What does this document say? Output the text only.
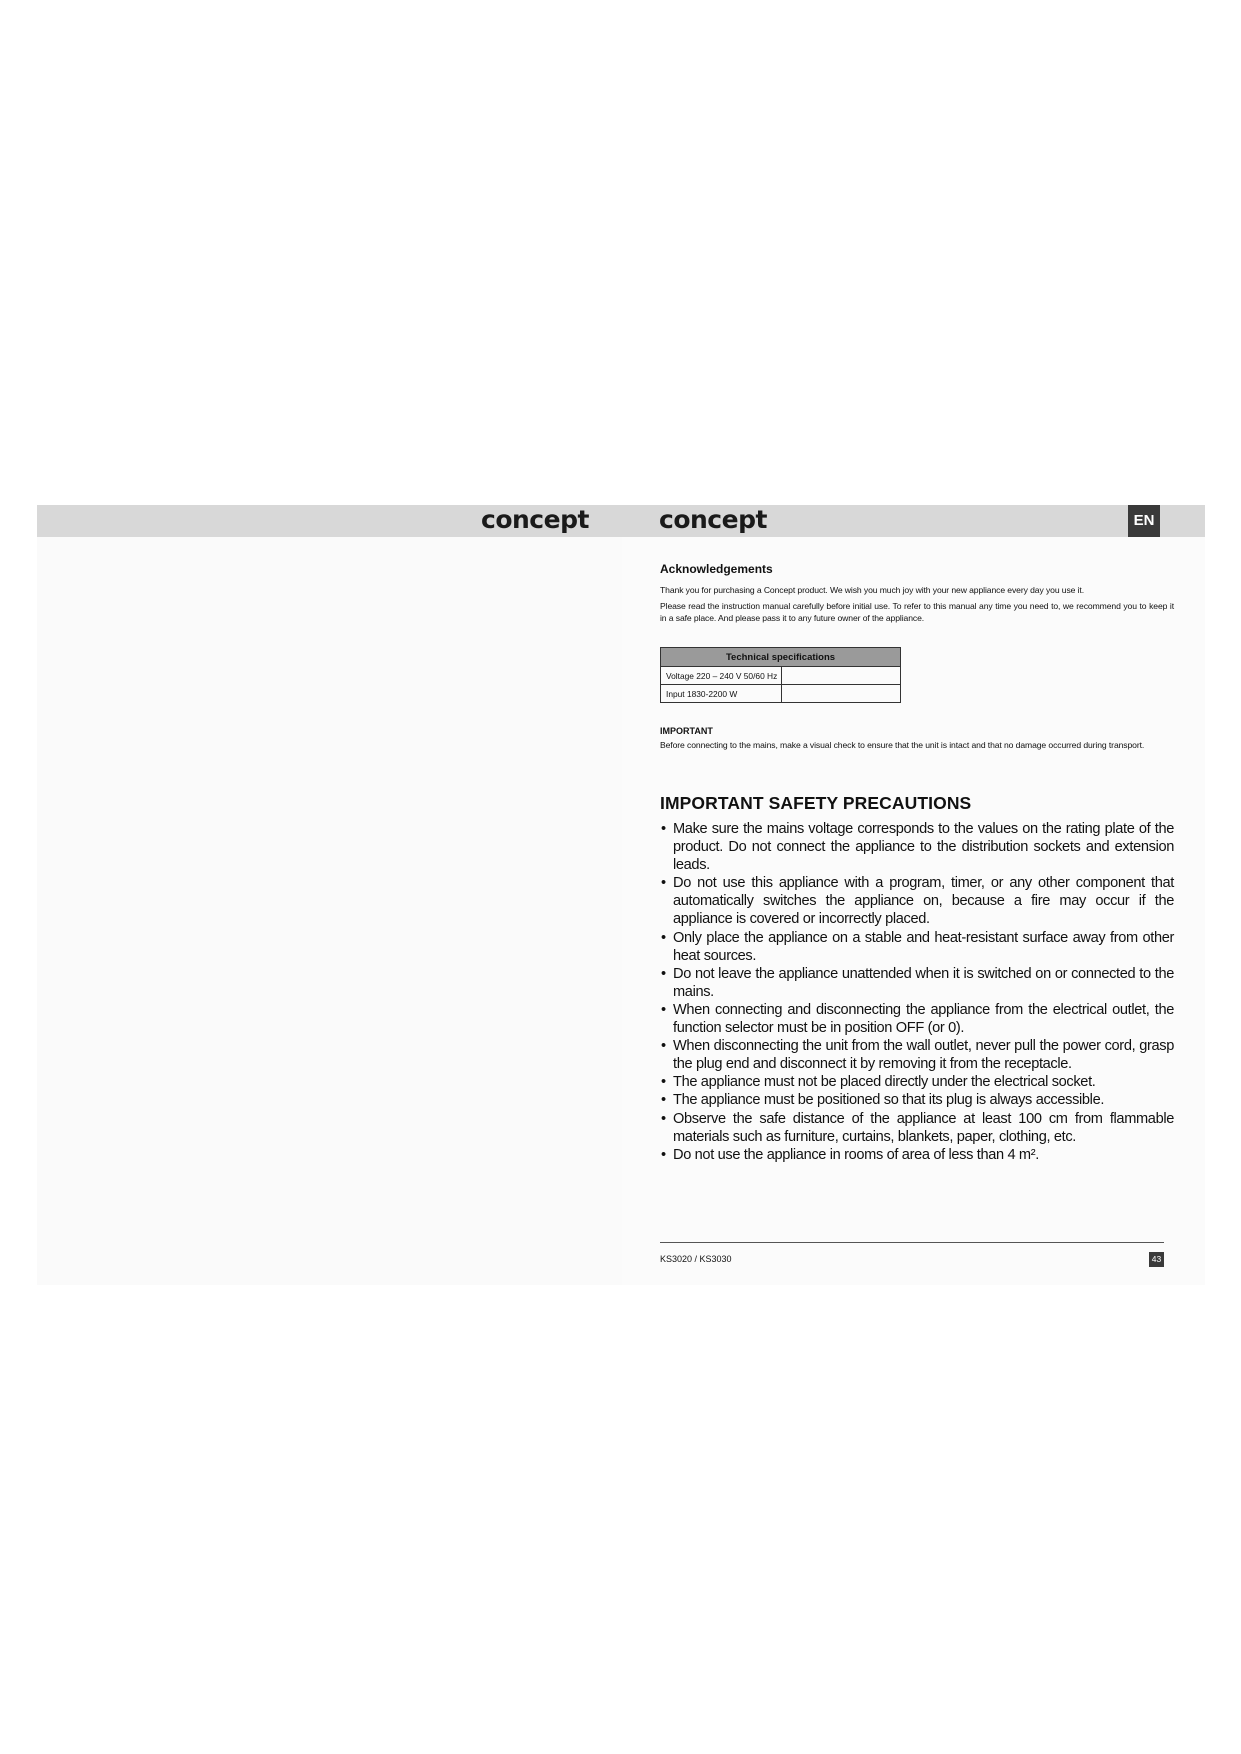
concept	concept	EN
Acknowledgements

Thank you for purchasing a Concept product. We wish you much joy with your new appliance every day you use it.

Please read the instruction manual carefully before initial use. To refer to this manual any time you need to, we recommend you to keep it in a safe place. And please pass it to any future owner of the appliance.

Technical specifications	
Voltage 220 – 240 V 50/60 Hz	
Input 1830-2200 W	
IMPORTANT

Before connecting to the mains, make a visual check to ensure that the unit is intact and that no damage occurred during transport.

IMPORTANT SAFETY PRECAUTIONS
• Make sure the mains voltage corresponds to the values on the rating plate of the product. Do not connect the appliance to the distribution sockets and extension leads.
• Do not use this appliance with a program, timer, or any other component that automatically switches the appliance on, because a fire may occur if the appliance is covered or incorrectly placed.
• Only place the appliance on a stable and heat-resistant surface away from other heat sources.
• Do not leave the appliance unattended when it is switched on or connected to the mains.
• When connecting and disconnecting the appliance from the electrical outlet, the function selector must be in position OFF (or 0).
• When disconnecting the unit from the wall outlet, never pull the power cord, grasp the plug end and disconnect it by removing it from the receptacle.
• The appliance must not be placed directly under the electrical socket.
• The appliance must be positioned so that its plug is always accessible.
• Observe the safe distance of the appliance at least 100 cm from flammable materials such as furniture, curtains, blankets, paper, clothing, etc.
• Do not use the appliance in rooms of area of less than 4 m².
KS3020 / KS3030	43
